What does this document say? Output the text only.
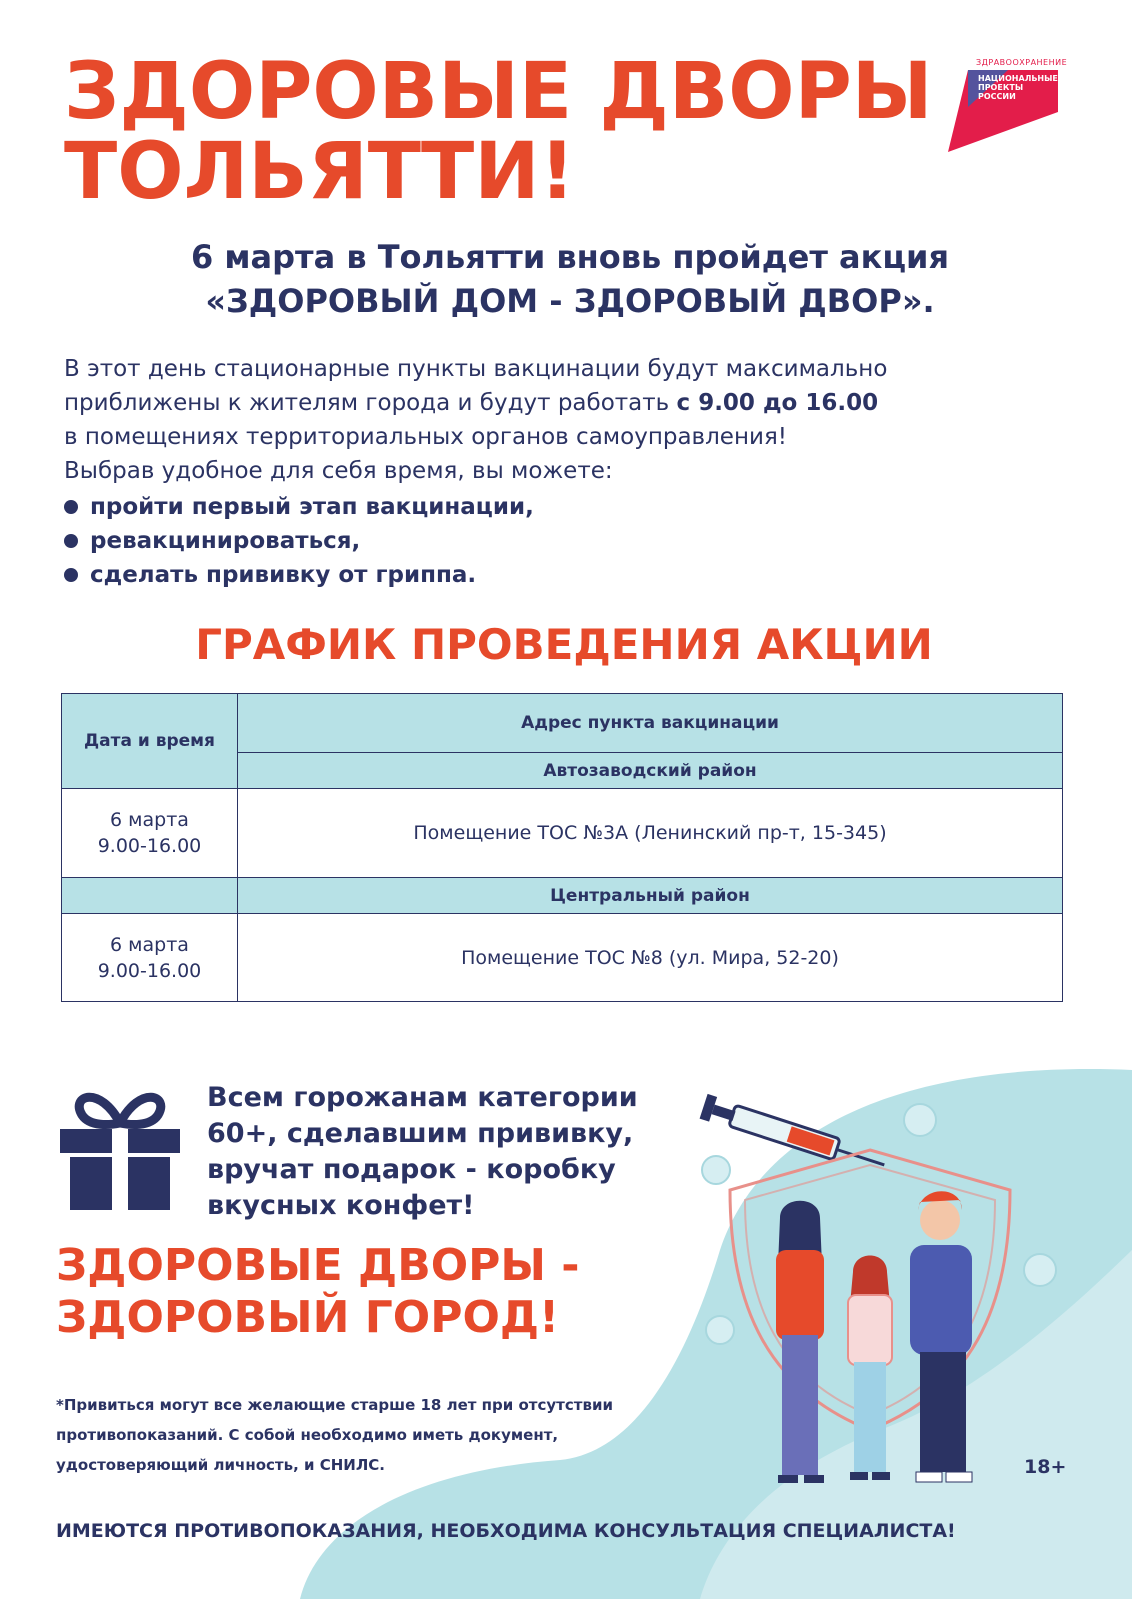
ЗДОРОВЫЕ ДВОРЫ
ТОЛЬЯТТИ!
ЗДРАВООХРАНЕНИЕ
НАЦИОНАЛЬНЫЕ
ПРОЕКТЫ
РОССИИ
6 марта в Тольятти вновь пройдет акция
«ЗДОРОВЫЙ ДОМ - ЗДОРОВЫЙ ДВОР».

В этот день стационарные пункты вакцинации будут максимально

приближены к жителям города и будут работать с 9.00 до 16.00

в помещениях территориальных органов самоуправления!

Выбрав удобное для себя время, вы можете:

пройти первый этап вакцинации,
ревакцинироваться,
сделать прививку от гриппа.
ГРАФИК ПРОВЕДЕНИЯ АКЦИИ
Дата и время
Адрес пункта вакцинации
Автозаводский район
6 марта
9.00-16.00
Помещение ТОС №3А (Ленинский пр-т, 15-345)
Центральный район
6 марта
9.00-16.00
Помещение ТОС №8 (ул. Мира, 52-20)
Всем горожанам категории
60+, сделавшим прививку,
вручат подарок - коробку
вкусных конфет!
ЗДОРОВЫЕ ДВОРЫ -
ЗДОРОВЫЙ ГОРОД!
*Привиться могут все желающие старше 18 лет при отсутствии
противопоказаний. С собой необходимо иметь документ,
удостоверяющий личность, и СНИЛС.	18+
ИМЕЮТСЯ ПРОТИВОПОКАЗАНИЯ, НЕОБХОДИМА КОНСУЛЬТАЦИЯ СПЕЦИАЛИСТА!
